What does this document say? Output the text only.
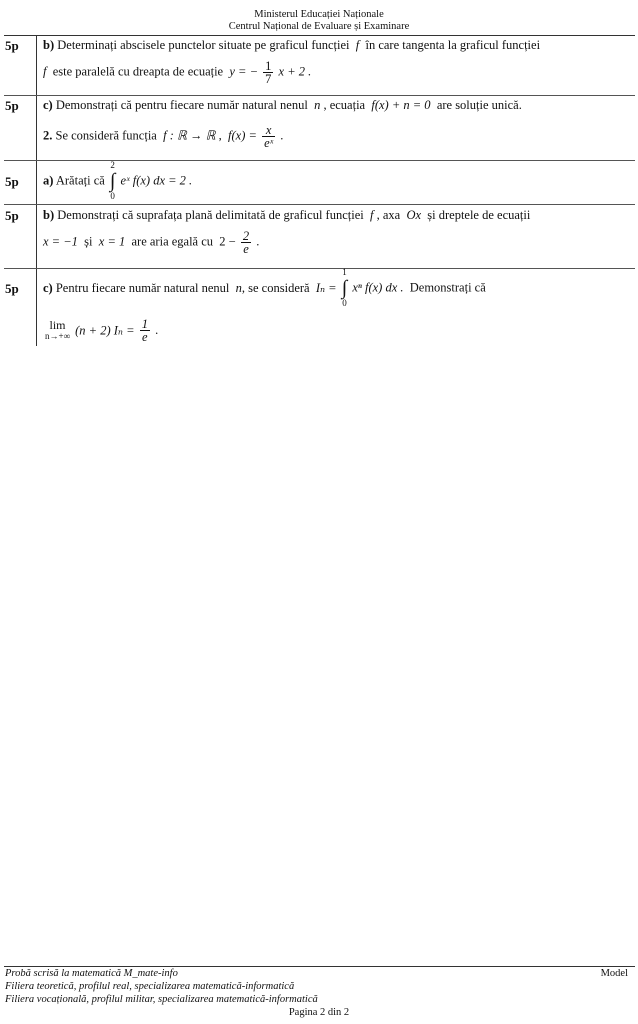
Ministerul Educației Naționale
Centrul Național de Evaluare și Examinare
5p	b) Determinați abscisele punctelor situate pe graficul funcției f în care tangenta la graficul funcției
f este paralelă cu dreapta de ecuație y = − $\frac{1}{7}$ x + 2 .
5p	c) Demonstrați că pentru fiecare număr natural nenul n , ecuația f(x) + n = 0 are soluție unică.
2. Se consideră funcția f : ℝ → ℝ , $f(x) = \frac{x}{\text{eˣ}}$ .
5p	a) Arătați că
2
∫
0
eˣ f(x) dx = 2 .
5p	b) Demonstrați că suprafața plană delimitată de graficul funcției f , axa Ox și dreptele de ecuații
x = −1 și x = 1 are aria egală cu $2 - \frac{2}{e}$ .
5p	c) Pentru fiecare număr natural nenul n, se consideră Iₙ =
1
∫
0
xⁿ f(x) dx . Demonstrați că
lim
n→+∞ (n + 2) $I_n = \frac{1}{e}$ .
Probă scrisă la matematică M_mate-info	Model
Filiera teoretică, profilul real, specializarea matematică-informatică
Filiera vocațională, profilul militar, specializarea matematică-informatică
Pagina 2 din 2
